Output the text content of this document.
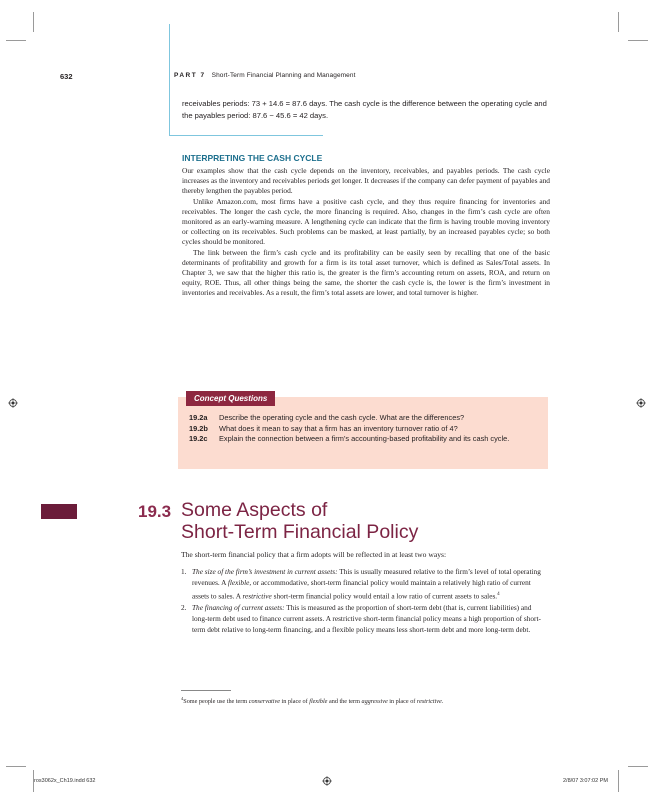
632	PART 7 Short-Term Financial Planning and Management
receivables periods: 73 + 14.6 = 87.6 days. The cash cycle is the difference between the operating cycle and the payables period: 87.6 − 45.6 = 42 days.
INTERPRETING THE CASH CYCLE

Our examples show that the cash cycle depends on the inventory, receivables, and payables periods. The cash cycle increases as the inventory and receivables periods get longer. It decreases if the company can defer payment of payables and thereby lengthen the payables period.

Unlike Amazon.com, most firms have a positive cash cycle, and they thus require financing for inventories and receivables. The longer the cash cycle, the more financing is required. Also, changes in the firm’s cash cycle are often monitored as an early-warning measure. A lengthening cycle can indicate that the firm is having trouble moving inventory or collecting on its receivables. Such problems can be masked, at least partially, by an increased payables cycle; so both cycles should be monitored.

The link between the firm’s cash cycle and its profitability can be easily seen by recalling that one of the basic determinants of profitability and growth for a firm is its total asset turnover, which is defined as Sales/Total assets. In Chapter 3, we saw that the higher this ratio is, the greater is the firm’s accounting return on assets, ROA, and return on equity, ROE. Thus, all other things being the same, the shorter the cash cycle is, the lower is the firm’s investment in inventories and receivables. As a result, the firm’s total assets are lower, and total turnover is higher.

Concept Questions
19.2a	Describe the operating cycle and the cash cycle. What are the differences?
19.2b	What does it mean to say that a firm has an inventory turnover ratio of 4?
19.2c	Explain the connection between a firm’s accounting-based profitability and its cash cycle.
19.3 Some Aspects of
Short-Term Financial Policy
The short-term financial policy that a firm adopts will be reflected in at least two ways:
1. The size of the firm’s investment in current assets: This is usually measured relative to the firm’s level of total operating revenues. A flexible, or accommodative, short-term financial policy would maintain a relatively high ratio of current assets to sales. A restrictive short-term financial policy would entail a low ratio of current assets to sales.$^4$
2. The financing of current assets: This is measured as the proportion of short-term debt (that is, current liabilities) and long-term debt used to finance current assets. A restrictive short-term financial policy means a high proportion of short-term debt relative to long-term financing, and a flexible policy means less short-term debt and more long-term debt.
$^4$Some people use the term conservative in place of flexible and the term aggressive in place of restrictive.
ros3062x_Ch19.indd 632	2/8/07 3:07:02 PM
